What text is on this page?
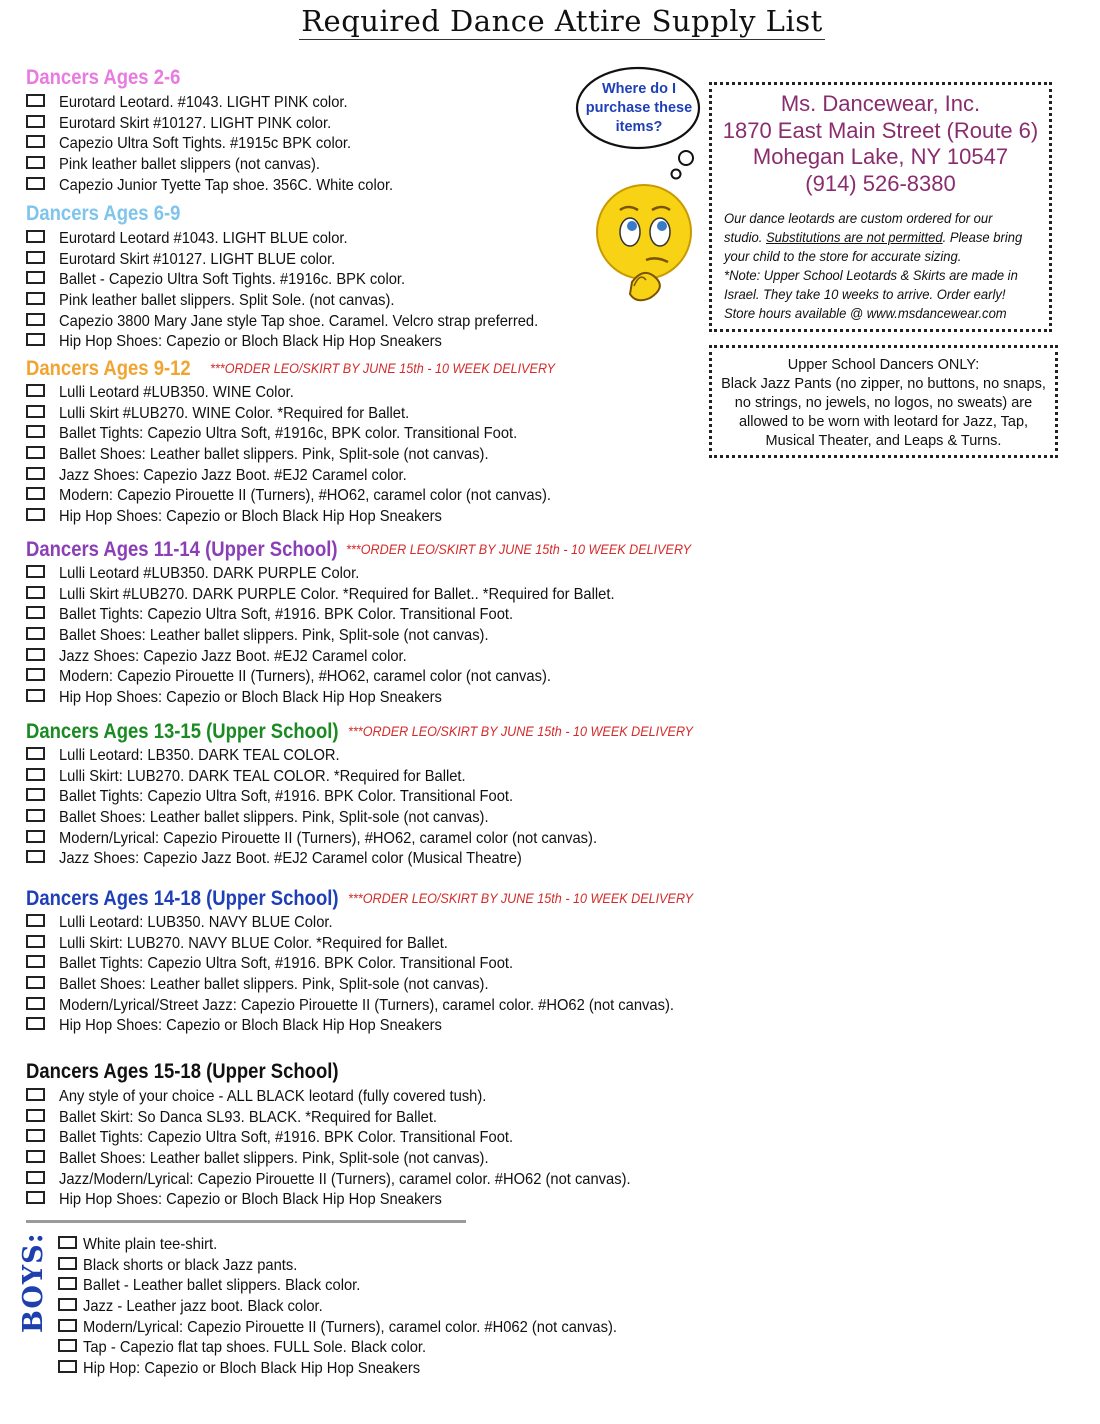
Required Dance Attire Supply List
Dancers Ages 2-6
Eurotard Leotard. #1043. LIGHT PINK color.
Eurotard Skirt #10127. LIGHT PINK color.
Capezio Ultra Soft Tights. #1915c BPK color.
Pink leather ballet slippers (not canvas).
Capezio Junior Tyette Tap shoe. 356C. White color.
Dancers Ages 6-9
Eurotard Leotard #1043. LIGHT BLUE color.
Eurotard Skirt #10127. LIGHT BLUE color.
Ballet - Capezio Ultra Soft Tights. #1916c. BPK color.
Pink leather ballet slippers. Split Sole. (not canvas).
Capezio 3800 Mary Jane style Tap shoe. Caramel. Velcro strap preferred.
Hip Hop Shoes: Capezio or Bloch Black Hip Hop Sneakers
Dancers Ages 9-12 ***ORDER LEO/SKIRT BY JUNE 15th - 10 WEEK DELIVERY
Lulli Leotard #LUB350. WINE Color.
Lulli Skirt #LUB270. WINE Color. *Required for Ballet.
Ballet Tights: Capezio Ultra Soft, #1916c, BPK color. Transitional Foot.
Ballet Shoes: Leather ballet slippers. Pink, Split-sole (not canvas).
Jazz Shoes: Capezio Jazz Boot. #EJ2 Caramel color.
Modern: Capezio Pirouette II (Turners), #HO62, caramel color (not canvas).
Hip Hop Shoes: Capezio or Bloch Black Hip Hop Sneakers
Dancers Ages 11-14 (Upper School) ***ORDER LEO/SKIRT BY JUNE 15th - 10 WEEK DELIVERY
Lulli Leotard #LUB350. DARK PURPLE Color.
Lulli Skirt #LUB270. DARK PURPLE Color. *Required for Ballet.. *Required for Ballet.
Ballet Tights: Capezio Ultra Soft, #1916. BPK Color. Transitional Foot.
Ballet Shoes: Leather ballet slippers. Pink, Split-sole (not canvas).
Jazz Shoes: Capezio Jazz Boot. #EJ2 Caramel color.
Modern: Capezio Pirouette II (Turners), #HO62, caramel color (not canvas).
Hip Hop Shoes: Capezio or Bloch Black Hip Hop Sneakers
Dancers Ages 13-15 (Upper School) ***ORDER LEO/SKIRT BY JUNE 15th - 10 WEEK DELIVERY
Lulli Leotard: LB350. DARK TEAL COLOR.
Lulli Skirt: LUB270. DARK TEAL COLOR. *Required for Ballet.
Ballet Tights: Capezio Ultra Soft, #1916. BPK Color. Transitional Foot.
Ballet Shoes: Leather ballet slippers. Pink, Split-sole (not canvas).
Modern/Lyrical: Capezio Pirouette II (Turners), #HO62, caramel color (not canvas).
Jazz Shoes: Capezio Jazz Boot. #EJ2 Caramel color (Musical Theatre)
Dancers Ages 14-18 (Upper School) ***ORDER LEO/SKIRT BY JUNE 15th - 10 WEEK DELIVERY
Lulli Leotard: LUB350. NAVY BLUE Color.
Lulli Skirt: LUB270. NAVY BLUE Color. *Required for Ballet.
Ballet Tights: Capezio Ultra Soft, #1916. BPK Color. Transitional Foot.
Ballet Shoes: Leather ballet slippers. Pink, Split-sole (not canvas).
Modern/Lyrical/Street Jazz: Capezio Pirouette II (Turners), caramel color. #HO62 (not canvas).
Hip Hop Shoes: Capezio or Bloch Black Hip Hop Sneakers
Dancers Ages 15-18 (Upper School)
Any style of your choice - ALL BLACK leotard (fully covered tush).
Ballet Skirt: So Danca SL93. BLACK. *Required for Ballet.
Ballet Tights: Capezio Ultra Soft, #1916. BPK Color. Transitional Foot.
Ballet Shoes: Leather ballet slippers. Pink, Split-sole (not canvas).
Jazz/Modern/Lyrical: Capezio Pirouette II (Turners), caramel color. #HO62 (not canvas).
Hip Hop Shoes: Capezio or Bloch Black Hip Hop Sneakers
Where do I
purchase these
items?
Ms. Dancewear, Inc.
1870 East Main Street (Route 6)
Mohegan Lake, NY 10547
(914) 526-8380
Our dance leotards are custom ordered for our
studio. Substitutions are not permitted. Please bring
your child to the store for accurate sizing.
*Note: Upper School Leotards & Skirts are made in
Israel. They take 10 weeks to arrive. Order early!
Store hours available @ www.msdancewear.com
Upper School Dancers ONLY:
Black Jazz Pants (no zipper, no buttons, no snaps,
no strings, no jewels, no logos, no sweats) are
allowed to be worn with leotard for Jazz, Tap,
Musical Theater, and Leaps & Turns.
BOYS:	White plain tee-shirt.
Black shorts or black Jazz pants.
Ballet - Leather ballet slippers. Black color.
Jazz - Leather jazz boot. Black color.
Modern/Lyrical: Capezio Pirouette II (Turners), caramel color. #H062 (not canvas).
Tap - Capezio flat tap shoes. FULL Sole. Black color.
Hip Hop: Capezio or Bloch Black Hip Hop Sneakers
